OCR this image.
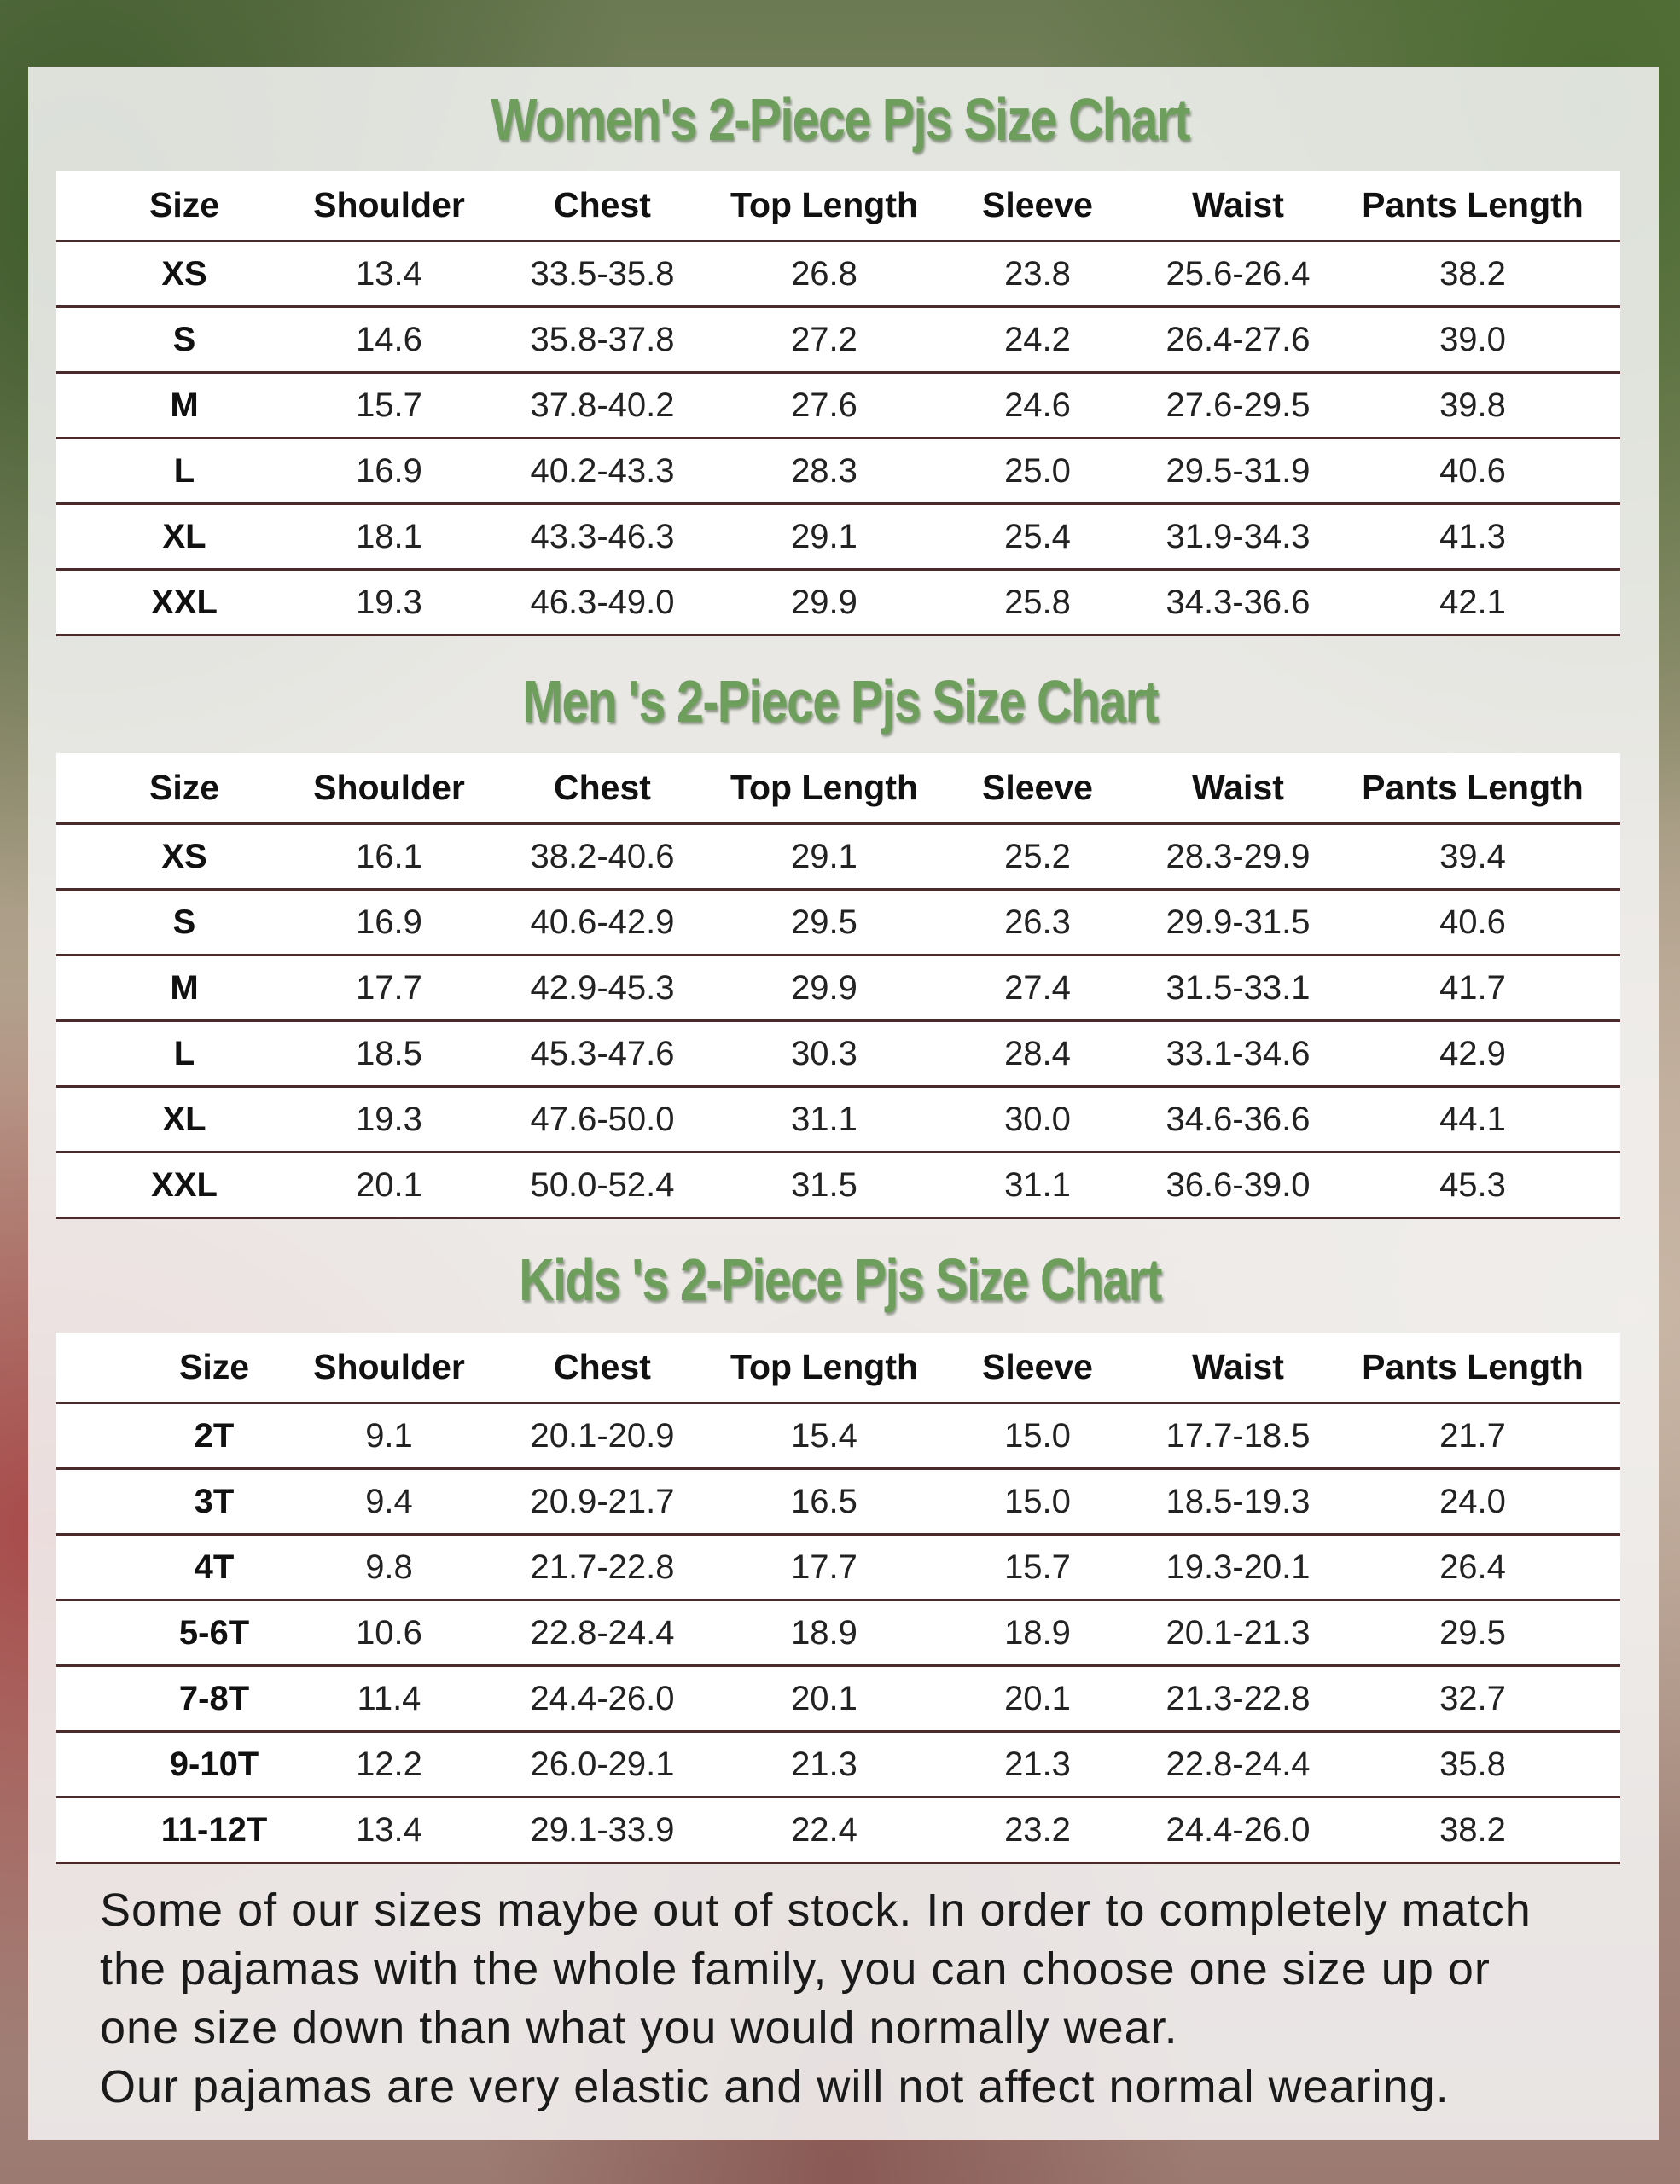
Women's 2-Piece Pjs Size Chart
Size	Shoulder	Chest	Top Length	Sleeve	Waist	Pants Length
XS	13.4	33.5-35.8	26.8	23.8	25.6-26.4	38.2
S	14.6	35.8-37.8	27.2	24.2	26.4-27.6	39.0
M	15.7	37.8-40.2	27.6	24.6	27.6-29.5	39.8
L	16.9	40.2-43.3	28.3	25.0	29.5-31.9	40.6
XL	18.1	43.3-46.3	29.1	25.4	31.9-34.3	41.3
XXL	19.3	46.3-49.0	29.9	25.8	34.3-36.6	42.1
Men 's 2-Piece Pjs Size Chart
Size	Shoulder	Chest	Top Length	Sleeve	Waist	Pants Length
XS	16.1	38.2-40.6	29.1	25.2	28.3-29.9	39.4
S	16.9	40.6-42.9	29.5	26.3	29.9-31.5	40.6
M	17.7	42.9-45.3	29.9	27.4	31.5-33.1	41.7
L	18.5	45.3-47.6	30.3	28.4	33.1-34.6	42.9
XL	19.3	47.6-50.0	31.1	30.0	34.6-36.6	44.1
XXL	20.1	50.0-52.4	31.5	31.1	36.6-39.0	45.3
Kids 's 2-Piece Pjs Size Chart
Size	Shoulder	Chest	Top Length	Sleeve	Waist	Pants Length
2T	9.1	20.1-20.9	15.4	15.0	17.7-18.5	21.7
3T	9.4	20.9-21.7	16.5	15.0	18.5-19.3	24.0
4T	9.8	21.7-22.8	17.7	15.7	19.3-20.1	26.4
5-6T	10.6	22.8-24.4	18.9	18.9	20.1-21.3	29.5
7-8T	11.4	24.4-26.0	20.1	20.1	21.3-22.8	32.7
9-10T	12.2	26.0-29.1	21.3	21.3	22.8-24.4	35.8
11-12T	13.4	29.1-33.9	22.4	23.2	24.4-26.0	38.2

Some of our sizes maybe out of stock. In order to completely match

the pajamas with the whole family, you can choose one size up or

one size down than what you would normally wear.

Our pajamas are very elastic and will not affect normal wearing.
